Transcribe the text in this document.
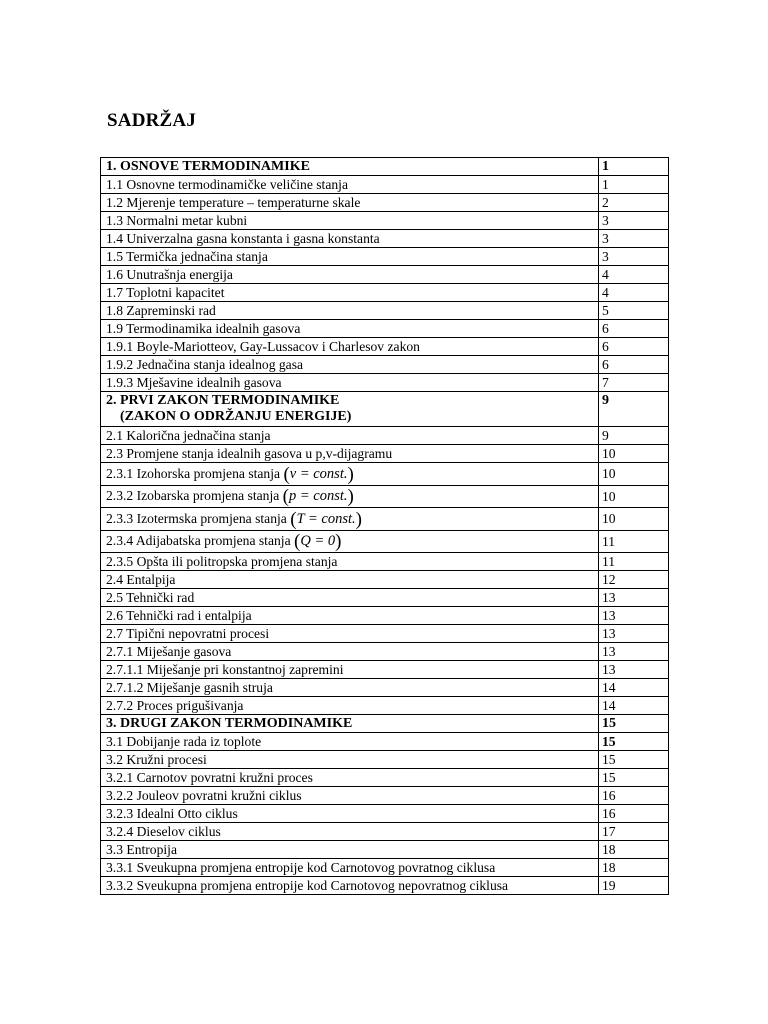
SADRŽAJ
1. OSNOVE TERMODINAMIKE	1
1.1 Osnovne termodinamičke veličine stanja	1
1.2 Mjerenje temperature – temperaturne skale	2
1.3 Normalni metar kubni	3
1.4 Univerzalna gasna konstanta i gasna konstanta	3
1.5 Termička jednačina stanja	3
1.6 Unutrašnja energija	4
1.7 Toplotni kapacitet	4
1.8 Zapreminski rad	5
1.9 Termodinamika idealnih gasova	6
1.9.1 Boyle-Mariotteov, Gay-Lussacov i Charlesov zakon	6
1.9.2 Jednačina stanja idealnog gasa	6
1.9.3 Mješavine idealnih gasova	7
2. PRVI ZAKON TERMODINAMIKE
(ZAKON O ODRŽANJU ENERGIJE)	9
2.1 Kalorična jednačina stanja	9
2.3 Promjene stanja idealnih gasova u p,v-dijagramu	10
2.3.1 Izohorska promjena stanja (v = const.)	10
2.3.2 Izobarska promjena stanja (p = const.)	10
2.3.3 Izotermska promjena stanja (T = const.)	10
2.3.4 Adijabatska promjena stanja (Q = 0)	11
2.3.5 Opšta ili politropska promjena stanja	11
2.4 Entalpija	12
2.5 Tehnički rad	13
2.6 Tehnički rad i entalpija	13
2.7 Tipični nepovratni procesi	13
2.7.1 Miješanje gasova	13
2.7.1.1 Miješanje pri konstantnoj zapremini	13
2.7.1.2 Miješanje gasnih struja	14
2.7.2 Proces prigušivanja	14
3. DRUGI ZAKON TERMODINAMIKE	15
3.1 Dobijanje rada iz toplote	15
3.2 Kružni procesi	15
3.2.1 Carnotov povratni kružni proces	15
3.2.2 Jouleov povratni kružni ciklus	16
3.2.3 Idealni Otto ciklus	16
3.2.4 Dieselov ciklus	17
3.3 Entropija	18
3.3.1 Sveukupna promjena entropije kod Carnotovog povratnog ciklusa	18
3.3.2 Sveukupna promjena entropije kod Carnotovog nepovratnog ciklusa	19
